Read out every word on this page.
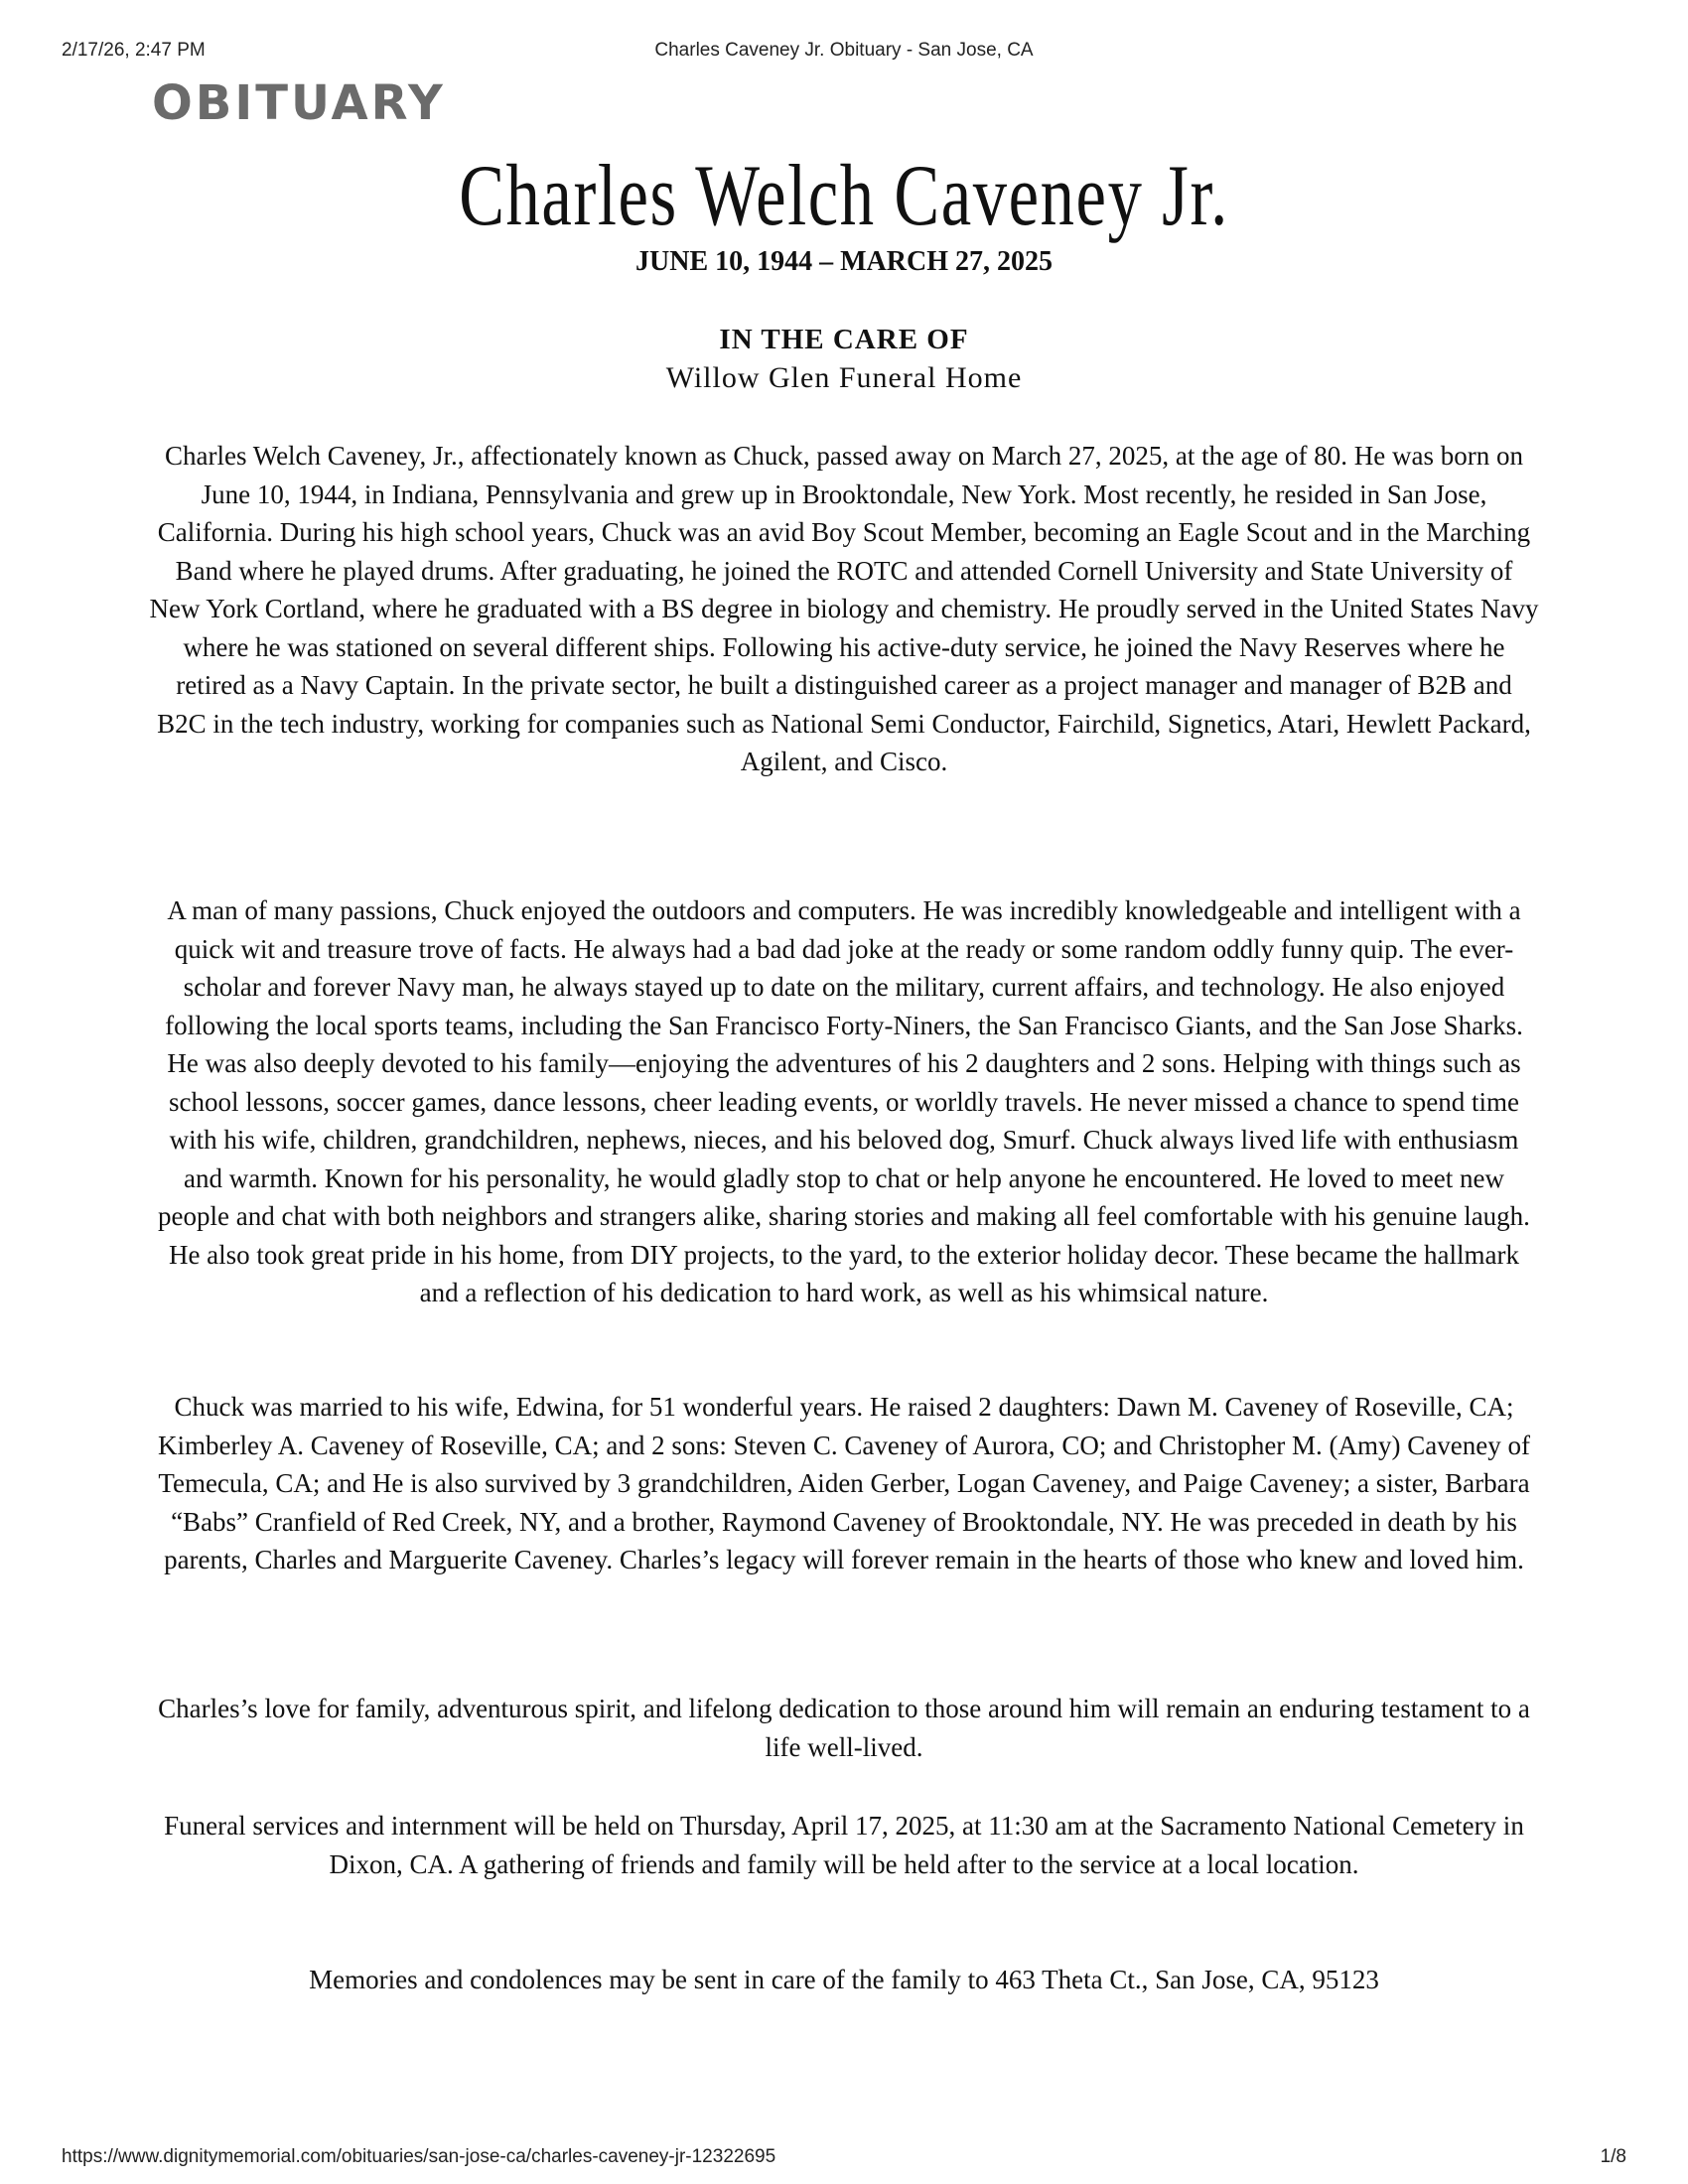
2/17/26, 2:47 PM	Charles Caveney Jr. Obituary - San Jose, CA
OBITUARY
Charles Welch Caveney Jr.
JUNE 10, 1944 – MARCH 27, 2025
IN THE CARE OF
Willow Glen Funeral Home

Charles Welch Caveney, Jr., affectionately known as Chuck, passed away on March 27, 2025, at the age of 80. He was born on June 10, 1944, in Indiana, Pennsylvania and grew up in Brooktondale, New York. Most recently, he resided in San Jose, California. During his high school years, Chuck was an avid Boy Scout Member, becoming an Eagle Scout and in the Marching Band where he played drums. After graduating, he joined the ROTC and attended Cornell University and State University of New York Cortland, where he graduated with a BS degree in biology and chemistry. He proudly served in the United States Navy where he was stationed on several different ships. Following his active-duty service, he joined the Navy Reserves where he retired as a Navy Captain. In the private sector, he built a distinguished career as a project manager and manager of B2B and B2C in the tech industry, working for companies such as National Semi Conductor, Fairchild, Signetics, Atari, Hewlett Packard, Agilent, and Cisco.

A man of many passions, Chuck enjoyed the outdoors and computers. He was incredibly knowledgeable and intelligent with a quick wit and treasure trove of facts. He always had a bad dad joke at the ready or some random oddly funny quip. The ever-scholar and forever Navy man, he always stayed up to date on the military, current affairs, and technology. He also enjoyed following the local sports teams, including the San Francisco Forty-Niners, the San Francisco Giants, and the San Jose Sharks. He was also deeply devoted to his family—enjoying the adventures of his 2 daughters and 2 sons. Helping with things such as school lessons, soccer games, dance lessons, cheer leading events, or worldly travels. He never missed a chance to spend time with his wife, children, grandchildren, nephews, nieces, and his beloved dog, Smurf. Chuck always lived life with enthusiasm and warmth. Known for his personality, he would gladly stop to chat or help anyone he encountered. He loved to meet new people and chat with both neighbors and strangers alike, sharing stories and making all feel comfortable with his genuine laugh. He also took great pride in his home, from DIY projects, to the yard, to the exterior holiday decor. These became the hallmark and a reflection of his dedication to hard work, as well as his whimsical nature.

Chuck was married to his wife, Edwina, for 51 wonderful years. He raised 2 daughters: Dawn M. Caveney of Roseville, CA; Kimberley A. Caveney of Roseville, CA; and 2 sons: Steven C. Caveney of Aurora, CO; and Christopher M. (Amy) Caveney of Temecula, CA; and He is also survived by 3 grandchildren, Aiden Gerber, Logan Caveney, and Paige Caveney; a sister, Barbara “Babs” Cranfield of Red Creek, NY, and a brother, Raymond Caveney of Brooktondale, NY. He was preceded in death by his parents, Charles and Marguerite Caveney. Charles’s legacy will forever remain in the hearts of those who knew and loved him.

Charles’s love for family, adventurous spirit, and lifelong dedication to those around him will remain an enduring testament to a life well-lived.

Funeral services and internment will be held on Thursday, April 17, 2025, at 11:30 am at the Sacramento National Cemetery in Dixon, CA. A gathering of friends and family will be held after to the service at a local location.

Memories and condolences may be sent in care of the family to 463 Theta Ct., San Jose, CA, 95123

https://www.dignitymemorial.com/obituaries/san-jose-ca/charles-caveney-jr-12322695	1/8
